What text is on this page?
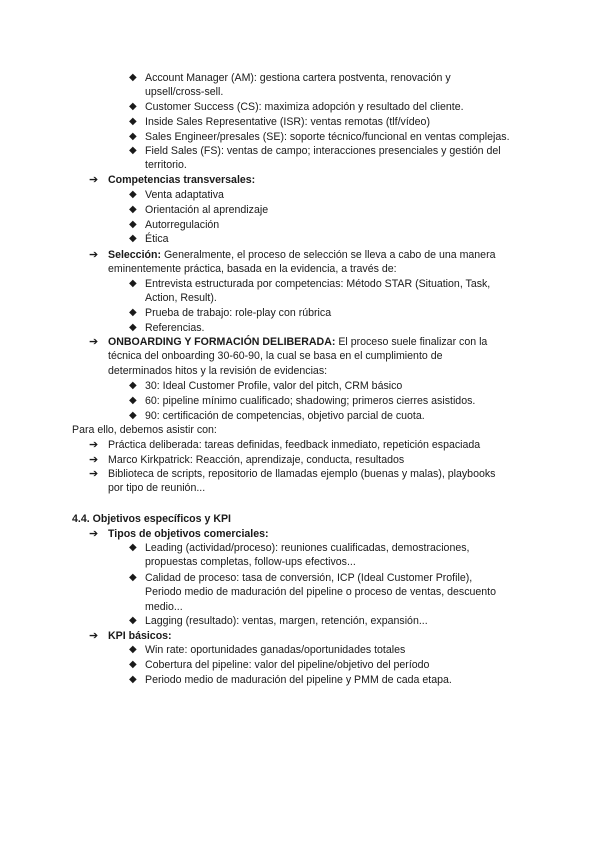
◆ Account Manager (AM): gestiona cartera postventa, renovación y
upsell/cross-sell.
◆ Customer Success (CS): maximiza adopción y resultado del cliente.
◆ Inside Sales Representative (ISR): ventas remotas (tlf/vídeo)
◆ Sales Engineer/presales (SE): soporte técnico/funcional en ventas complejas.
◆ Field Sales (FS): ventas de campo; interacciones presenciales y gestión del
territorio.
➔ Competencias transversales:
◆ Venta adaptativa
◆ Orientación al aprendizaje
◆ Autorregulación
◆ Ética
➔ Selección: Generalmente, el proceso de selección se lleva a cabo de una manera
eminentemente práctica, basada en la evidencia, a través de:
◆ Entrevista estructurada por competencias: Método STAR (Situation, Task,
Action, Result).
◆ Prueba de trabajo: role-play con rúbrica
◆ Referencias.
➔ ONBOARDING Y FORMACIÓN DELIBERADA: El proceso suele finalizar con la
técnica del onboarding 30-60-90, la cual se basa en el cumplimiento de
determinados hitos y la revisión de evidencias:
◆ 30: Ideal Customer Profile, valor del pitch, CRM básico
◆ 60: pipeline mínimo cualificado; shadowing; primeros cierres asistidos.
◆ 90: certificación de competencias, objetivo parcial de cuota.
Para ello, debemos asistir con:
➔ Práctica deliberada: tareas definidas, feedback inmediato, repetición espaciada
➔ Marco Kirkpatrick: Reacción, aprendizaje, conducta, resultados
➔ Biblioteca de scripts, repositorio de llamadas ejemplo (buenas y malas), playbooks
por tipo de reunión...
4.4. Objetivos específicos y KPI
➔ Tipos de objetivos comerciales:
◆ Leading (actividad/proceso): reuniones cualificadas, demostraciones,
propuestas completas, follow-ups efectivos...
◆ Calidad de proceso: tasa de conversión, ICP (Ideal Customer Profile),
Periodo medio de maduración del pipeline o proceso de ventas, descuento
medio...
◆ Lagging (resultado): ventas, margen, retención, expansión...
➔ KPI básicos:
◆ Win rate: oportunidades ganadas/oportunidades totales
◆ Cobertura del pipeline: valor del pipeline/objetivo del período
◆ Periodo medio de maduración del pipeline y PMM de cada etapa.
